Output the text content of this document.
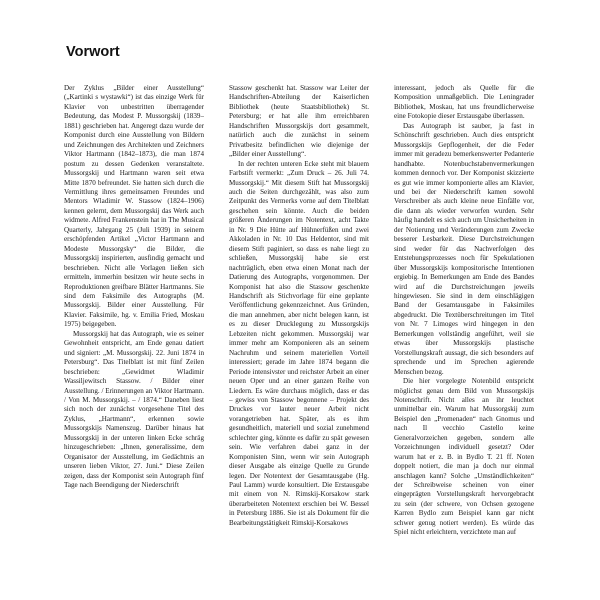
Vorwort

Der Zyklus „Bilder einer Ausstellung“ („Kartinki s wystawki“) ist das einzige Werk für Klavier von unbestritten überragender Bedeutung, das Modest P. Mussorgskij (1839–1881) geschrieben hat. Angeregt dazu wurde der Komponist durch eine Ausstellung von Bildern und Zeichnungen des Architekten und Zeichners Viktor Hartmann (1842–1873), die man 1874 postum zu dessen Gedenken veranstaltete. Mussorgskij und Hartmann waren seit etwa Mitte 1870 befreundet. Sie hatten sich durch die Vermittlung ihres gemeinsamen Freundes und Mentors Wladimir W. Stassow (1824–1906) kennen gelernt, dem Mussorgskij das Werk auch widmete. Alfred Frankenstein hat in The Musical Quarterly, Jahrgang 25 (Juli 1939) in seinem erschöpfenden Artikel „Victor Hartmann and Modeste Mussorgsky“ die Bilder, die Mussorgskij inspirierten, ausfindig gemacht und beschrieben. Nicht alle Vorlagen ließen sich ermitteln, immerhin besitzen wir heute sechs in Reproduktionen greifbare Blätter Hartmanns. Sie sind dem Faksimile des Autographs (M. Mussorgskij. Bilder einer Ausstellung. Für Klavier. Faksimile, hg. v. Emilia Fried, Moskau 1975) beigegeben.

Mussorgskij hat das Autograph, wie es seiner Gewohnheit entspricht, am Ende genau datiert und signiert: „M. Mussorgskij. 22. Juni 1874 in Petersburg“. Das Titelblatt ist mit fünf Zeilen beschrieben: „Gewidmet Wladimir Wassiljewitsch Stassow. / Bilder einer Ausstellung. / Erinnerungen an Viktor Hartmann. / Von M. Mussorgskij. – / 1874.“ Daneben liest sich noch der zunächst vorgesehene Titel des Zyklus, „Hartmann“, erkennen sowie Mussorgskijs Namenszug. Darüber hinaus hat Mussorgskij in der unteren linken Ecke schräg hinzugeschrieben: „Ihnen, generalissime, dem Organisator der Ausstellung, im Gedächtnis an unseren lieben Viktor, 27. Juni.“ Diese Zeilen zeigen, dass der Komponist sein Autograph fünf Tage nach Beendigung der Niederschrift

Stassow geschenkt hat. Stassow war Leiter der Handschriften-Abteilung der Kaiserlichen Bibliothek (heute Staatsbibliothek) St. Petersburg; er hat alle ihm erreichbaren Handschriften Mussorgskijs dort gesammelt, natürlich auch die zunächst in seinem Privatbesitz befindlichen wie diejenige der „Bilder einer Ausstellung“.

In der rechten unteren Ecke steht mit blauem Farbstift vermerkt: „Zum Druck – 26. Juli 74. Mussorgskij.“ Mit diesem Stift hat Mussorgskij auch die Seiten durchgezählt, was also zum Zeitpunkt des Vermerks vorne auf dem Titelblatt geschehen sein könnte. Auch die beiden größeren Änderungen im Notentext, acht Takte in Nr. 9 Die Hütte auf Hühnerfüßen und zwei Akkoladen in Nr. 10 Das Heldentor, sind mit diesem Stift paginiert, so dass es nahe liegt zu schließen, Mussorgskij habe sie erst nachträglich, eben etwa einen Monat nach der Datierung des Autographs, vorgenommen. Der Komponist hat also die Stassow geschenkte Handschrift als Stichvorlage für eine geplante Veröffentlichung gekennzeichnet. Aus Gründen, die man annehmen, aber nicht belegen kann, ist es zu dieser Drucklegung zu Mussorgskijs Lebzeiten nicht gekommen. Mussorgskij war immer mehr am Komponieren als an seinem Nachruhm und seinem materiellen Vorteil interessiert; gerade im Jahre 1874 begann die Periode intensivster und reichster Arbeit an einer neuen Oper und an einer ganzen Reihe von Liedern. Es wäre durchaus möglich, dass er das – gewiss von Stassow begonnene – Projekt des Druckes vor lauter neuer Arbeit nicht vorangetrieben hat. Später, als es ihm gesundheitlich, materiell und sozial zunehmend schlechter ging, könnte es dafür zu spät gewesen sein. Wie verfahren dabei ganz in der Komponisten Sinn, wenn wir sein Autograph dieser Ausgabe als einzige Quelle zu Grunde legen. Der Notentext der Gesamtausgabe (Hg. Paul Lamm) wurde konsultiert. Die Erstausgabe mit einem von N. Rimskij-Korsakow stark überarbeiteten Notentext erschien bei W. Bessel in Petersburg 1886. Sie ist als Dokument für die Bearbeitungstätigkeit Rimskij-Korsakows

interessant, jedoch als Quelle für die Komposition unmaßgeblich. Die Leningrader Bibliothek, Moskau, hat uns freundlicherweise eine Fotokopie dieser Erstausgabe überlassen.

Das Autograph ist sauber, ja fast in Schönschrift geschrieben. Auch dies entspricht Mussorgskijs Gepflogenheit, der die Feder immer mit geradezu bemerkenswerter Pedanterie handhabte. Notenbuchstabenvermerkungen kommen dennoch vor. Der Komponist skizzierte es gut wie immer komponierte alles am Klavier, und bei der Niederschrift kamen sowohl Verschreiber als auch kleine neue Einfälle vor, die dann als wieder verworfen wurden. Sehr häufig handelt es sich auch um Unsicherheiten in der Notierung und Veränderungen zum Zwecke besserer Lesbarkeit. Diese Durchstreichungen sind weder für das Nachverfolgen des Entstehungsprozesses noch für Spekulationen über Mussorgskijs kompositorische Intentionen ergiebig. In Bemerkungen am Ende des Bandes wird auf die Durchstreichungen jeweils hingewiesen. Sie sind in dem einschlägigen Band der Gesamtausgabe in Faksimiles abgedruckt. Die Textüberschreitungen im Titel von Nr. 7 Limoges wird hingegen in den Bemerkungen vollständig angeführt, weil sie etwas über Mussorgskijs plastische Vorstellungskraft aussagt, die sich besonders auf sprechende und im Sprechen agierende Menschen bezog.

Die hier vorgelegte Notenbild entspricht möglichst genau dem Bild von Mussorgskijs Notenschrift. Nicht alles an ihr leuchtet unmittelbar ein. Warum hat Mussorgskij zum Beispiel den „Promenaden“ nach Gnomus und nach Il vecchio Castello keine Generalvorzeichen gegeben, sondern alle Vorzeichnungen individuell gesetzt? Oder warum hat er z. B. in Bydlo T. 21 ff. Noten doppelt notiert, die man ja doch nur einmal anschlagen kann? Solche „Umständlichkeiten“ der Schreibweise scheinen von einer eingeprägten Vorstellungskraft hervorgebracht zu sein (der schwere, von Ochsen gezogene Karren Bydlo zum Beispiel kann gar nicht schwer genug notiert werden). Es würde das Spiel nicht erleichtern, verzichtete man auf
